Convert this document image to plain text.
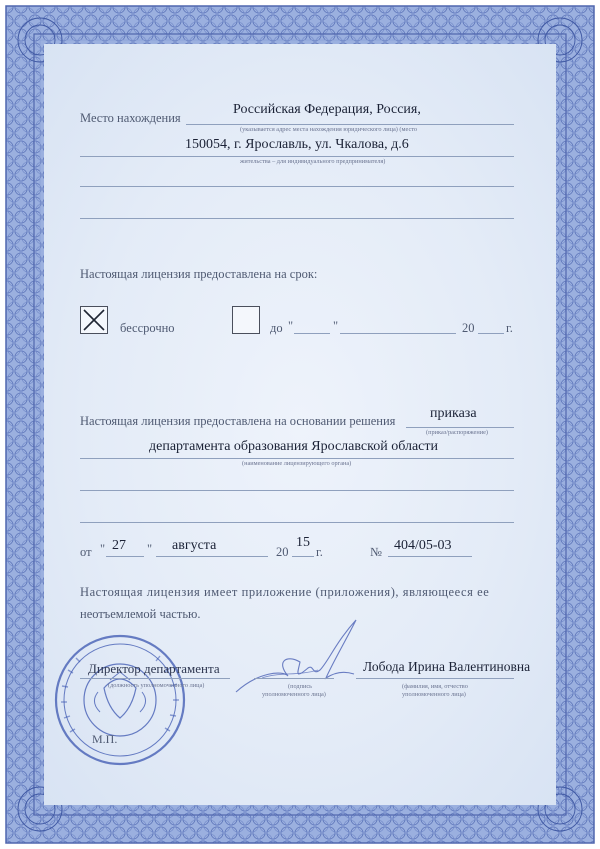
Место нахождения
Российская Федерация, Россия,
(указывается адрес места нахождения юридического лица) (место
150054, г. Ярославль, ул. Чкалова, д.6
жительства – для индивидуального предпринимателя)
Настоящая лицензия предоставлена на срок:
бессрочно	до "	"	20	г.
Настоящая лицензия предоставлена на основании решения приказа
(приказ/распоряжение)
департамента образования Ярославской области
(наименование лицензирующего органа)
от " 27 " августа	20
15
г.	№ 404/05-03
Настоящая лицензия имеет приложение (приложения), являющееся ее
неотъемлемой частью.
Директор департамента
(должность уполномоченного лица)	(подпись
уполномоченного лица)
Лобода Ирина Валентиновна
(фамилия, имя, отчество
уполномоченного лица)
М.П.
